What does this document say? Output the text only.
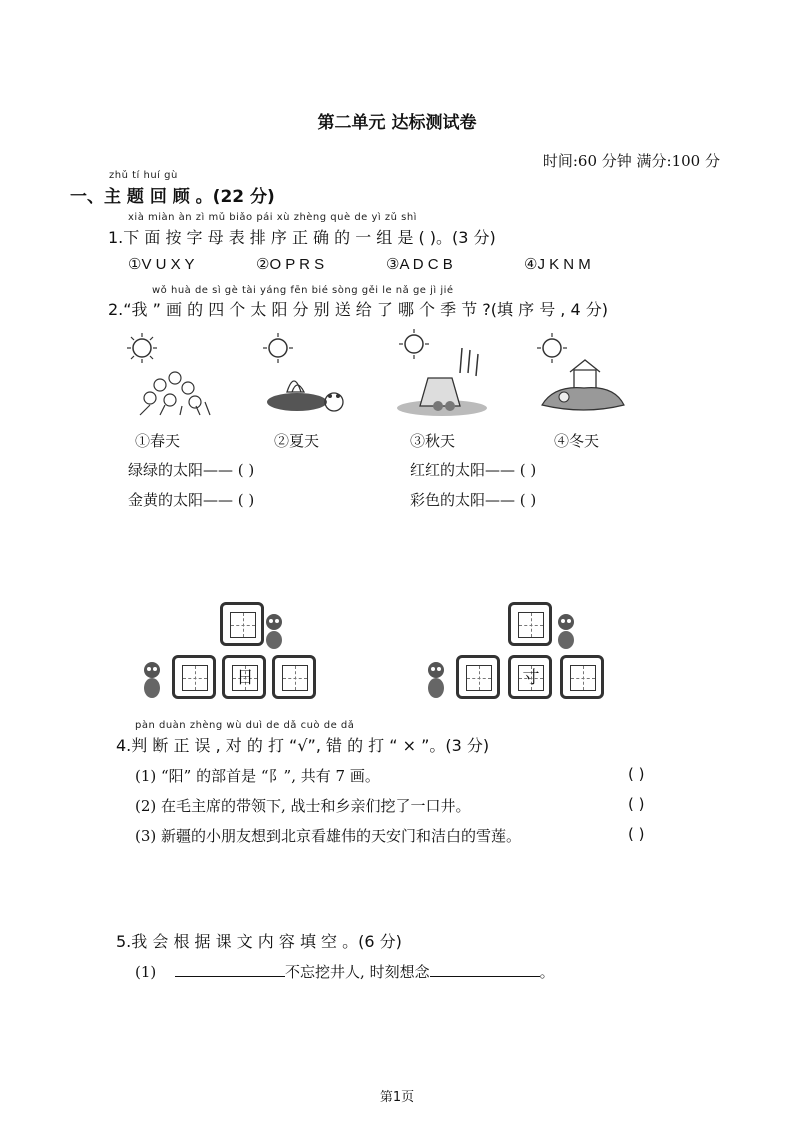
第二单元 达标测试卷
时间:60 分钟 满分:100 分
zhǔ tí huí gù
一、主 题 回 顾 。(22 分)
xià miàn àn zì mǔ biǎo pái xù zhèng què de yì zǔ shì
1.下 面 按 字 母 表 排 序 正 确 的 一 组 是 ( )。(3 分)
①V U X Y	②O P R S	③A D C B	④J K N M
wǒ huà de sì gè tài yáng fēn bié sòng gěi le nǎ ge jì jié
2.“我 ” 画 的 四 个 太 阳 分 别 送 给 了 哪 个 季 节 ?(填 序 号 , 4 分)
①春天	②夏天	③秋天	④冬天
绿绿的太阳—— ( )	红红的太阳—— ( )
金黄的太阳—— ( )	彩色的太阳—— ( )
日	寸
pàn duàn zhèng wù duì de dǎ cuò de dǎ
4.判 断 正 误 , 对 的 打 “√”, 错 的 打 “ × ”。(3 分)
(1) “阳” 的部首是 “阝”, 共有 7 画。	( )
(2) 在毛主席的带领下, 战士和乡亲们挖了一口井。	( )
(3) 新疆的小朋友想到北京看雄伟的天安门和洁白的雪莲。	( )
5.我 会 根 据 课 文 内 容 填 空 。(6 分)
(1)	不忘挖井人, 时刻想念	。
第1页
